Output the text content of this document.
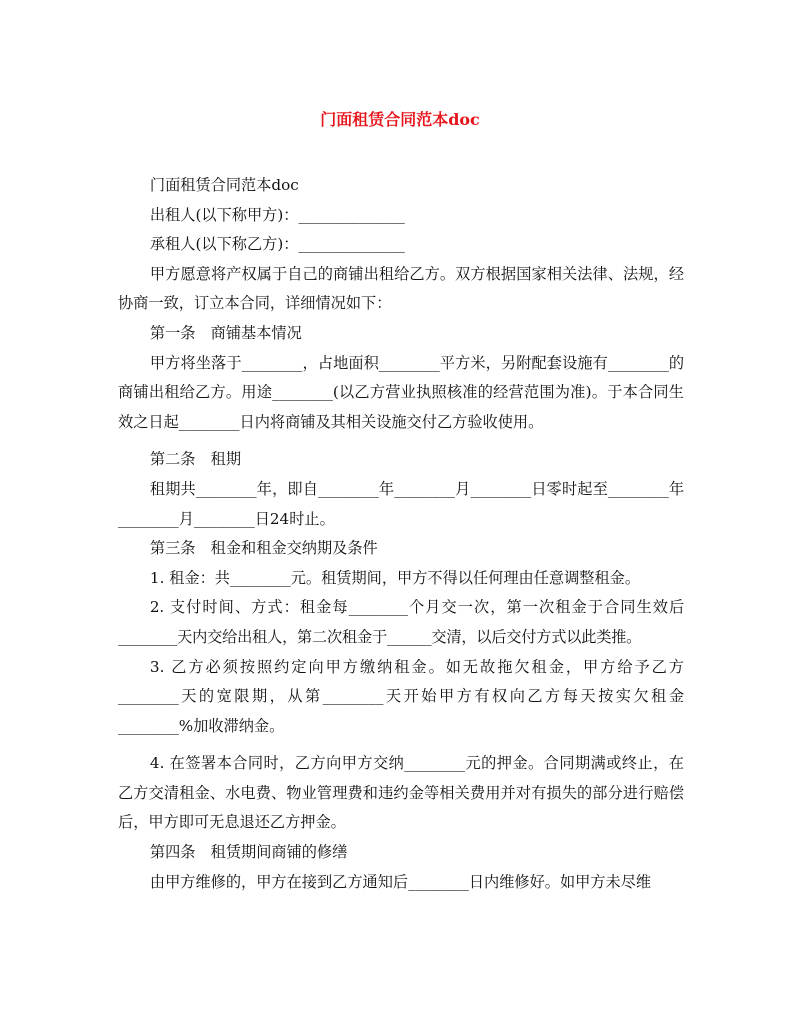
门面租赁合同范本doc

门面租赁合同范本doc

出租人(以下称甲方)：______________

承租人(以下称乙方)：______________

甲方愿意将产权属于自己的商铺出租给乙方。双方根据国家相关法律、法规，经协商一致，订立本合同，详细情况如下：

第一条　商铺基本情况

甲方将坐落于________，占地面积________平方米，另附配套设施有________的商铺出租给乙方。用途________(以乙方营业执照核准的经营范围为准)。于本合同生效之日起________日内将商铺及其相关设施交付乙方验收使用。

第二条　租期

租期共________年，即自________年________月________日零时起至________年________月________日24时止。

第三条　租金和租金交纳期及条件

1. 租金：共________元。租赁期间，甲方不得以任何理由任意调整租金。

2. 支付时间、方式：租金每________个月交一次，第一次租金于合同生效后________天内交给出租人，第二次租金于______交清，以后交付方式以此类推。

3. 乙方必须按照约定向甲方缴纳租金。如无故拖欠租金，甲方给予乙方________天的宽限期，从第________天开始甲方有权向乙方每天按实欠租金________%加收滞纳金。

4. 在签署本合同时，乙方向甲方交纳________元的押金。合同期满或终止，在乙方交清租金、水电费、物业管理费和违约金等相关费用并对有损失的部分进行赔偿后，甲方即可无息退还乙方押金。

第四条　租赁期间商铺的修缮

由甲方维修的，甲方在接到乙方通知后________日内维修好。如甲方未尽维
